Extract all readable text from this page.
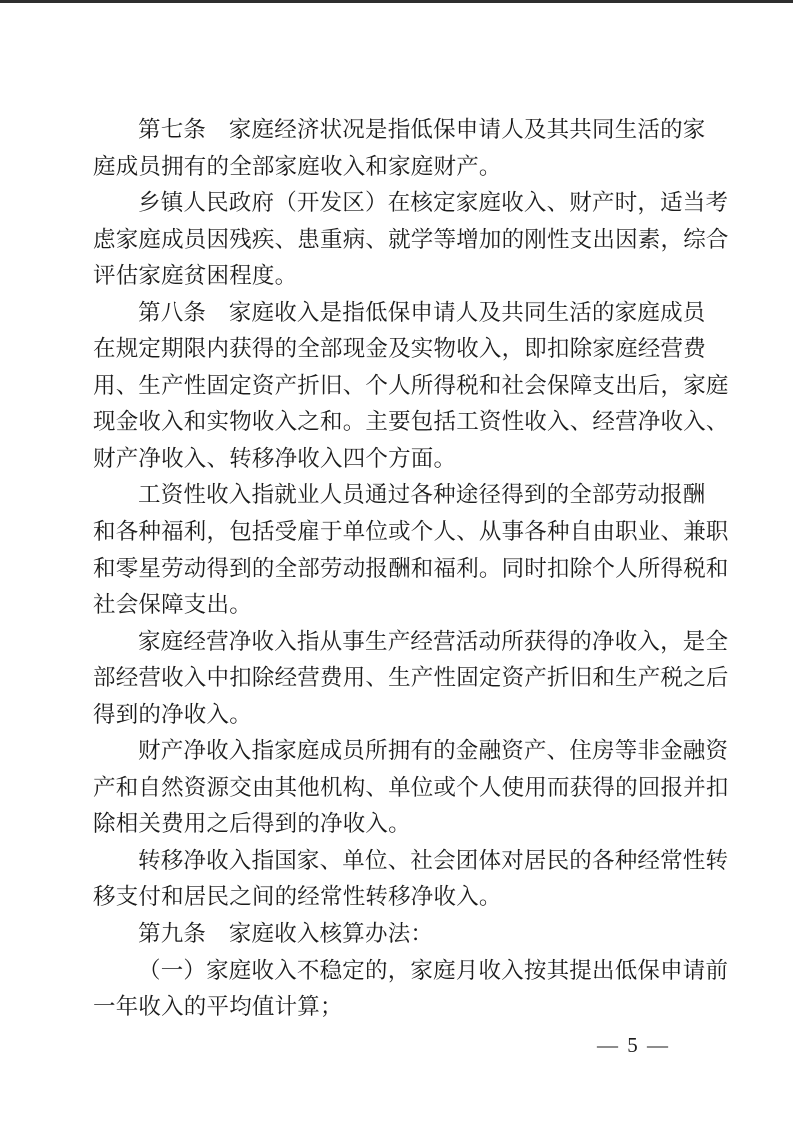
第七条　家庭经济状况是指低保申请人及其共同生活的家
庭成员拥有的全部家庭收入和家庭财产。
乡镇人民政府（开发区）在核定家庭收入、财产时，适当考
虑家庭成员因残疾、患重病、就学等增加的刚性支出因素，综合
评估家庭贫困程度。
第八条　家庭收入是指低保申请人及共同生活的家庭成员
在规定期限内获得的全部现金及实物收入，即扣除家庭经营费
用、生产性固定资产折旧、个人所得税和社会保障支出后，家庭
现金收入和实物收入之和。主要包括工资性收入、经营净收入、
财产净收入、转移净收入四个方面。
工资性收入指就业人员通过各种途径得到的全部劳动报酬
和各种福利，包括受雇于单位或个人、从事各种自由职业、兼职
和零星劳动得到的全部劳动报酬和福利。同时扣除个人所得税和
社会保障支出。
家庭经营净收入指从事生产经营活动所获得的净收入，是全
部经营收入中扣除经营费用、生产性固定资产折旧和生产税之后
得到的净收入。
财产净收入指家庭成员所拥有的金融资产、住房等非金融资
产和自然资源交由其他机构、单位或个人使用而获得的回报并扣
除相关费用之后得到的净收入。
转移净收入指国家、单位、社会团体对居民的各种经常性转
移支付和居民之间的经常性转移净收入。
第九条　家庭收入核算办法：
（一）家庭收入不稳定的，家庭月收入按其提出低保申请前
一年收入的平均值计算；
— 5 —
